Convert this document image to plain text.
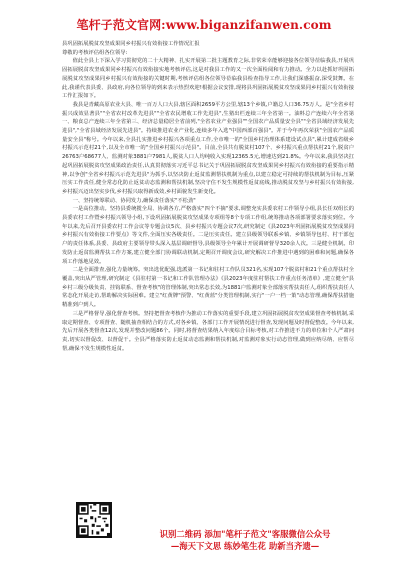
笔杆子范文官网:www.biganzifanwen.com

县巩固拓展脱贫攻坚成果同乡村振兴有效衔接工作情况汇报

尊敬的考核评估组各位领导:

值此全县上下深入学习贯彻党的二十大精神、扎实开展第二批主题教育之际,非常荣幸能够迎接各位领导莅临我县,开展巩固拓展脱贫攻坚成果同乡村振兴有效衔接实地考核评估,这是对我县工作的又一次全面检阅和有力推动。全力以赴抓好巩固拓展脱贫攻坚成果同乡村振兴有效衔接的关键时期,考核评估组各位领导莅临我县检查指导工作,让我们深感振奋,深受鼓舞。在此,我谨代表县委、县政府,向各位领导的到来表示热烈欢迎!根据会议安排,现将县巩固拓展脱贫攻坚成果同乡村振兴有效衔接工作汇报如下。

我县是青藏高原农业大县、唯一百万人口大县,辖区面积2659平方公里,辖13个乡镇,户籍总人口36.75万人。是"全省乡村振兴成效显著县""全省农村改革先进县""全省农民增收工作先进县",生猪出栏连续三年全省第一。油料总产连续六年全省第一、粮食总产连续三年全省第三、经济总量稳居全省前列,"全省农业产业强县""全国农产品质量安全县""全省县域经济发展先进县","全省县域经济发展先进县"。持续推进农业产业化,连续多年入选"中国西部百强县"。并于今年再次荣获"全国农产品质量安全县"称号。今年以来,全县扎实推进乡村振兴各项重点工作,全市唯一的"全国乡村治理体系建设试点县",累计建成省级乡村振兴示范村21个,以及全市唯一的"全国乡村振兴示范县"。目前,全县共有脱贫村107个、乡村振兴重点帮扶村21个,脱贫户26763户68677人、监测对象3881户7981人,脱贫人口人均纯收入实现12365.5元,增速达到21.8%。今年以来,我县坚决扛起巩固拓展脱贫攻坚成果政治责任,认真贯彻落实习近平总书记关于巩固拓展脱贫攻坚成果同乡村振兴有效衔接的重要指示精神,以争创"全省乡村振兴示范先进县"为抓手,以坚决防止返贫监测帮扶机制为重点,以建立稳定可持续的帮扶机制为目标,压紧压实工作责任,健全常态化防止返贫动态监测和帮扶机制,坚决守住不发生规模性返贫底线,推动脱贫攻坚与乡村振兴有效衔接,乡村振兴迈出坚实步伐,乡村振兴取得新成效,乡村面貌发生新变化。

一、坚持统筹联动、协同发力,确保责任落实"不松劲"

一是高位推动。坚持县委统揽全局、协调各方,严格落实"四个不摘"要求,调整充实县委农村工作领导小组,县长任双组长的县委农村工作暨乡村振兴领导小组,下设巩固拓展脱贫攻坚成果专项组等8个专项工作组,统筹推动各项部署要求落实到位。今年以来,先后召开县委农村工作会议等专题会议5次、县乡村振兴专题会议7次,研究制定《县2023年巩固拓展脱贫攻坚成果同乡村振兴有效衔接工作要点》等文件,全面压实各级责任。二是压实责任。建立县级领导联系乡镇、乡镇领导包村、村干部包户的责任体系,县委、县政府主要领导带头深入基层调研督导,县级领导全年累计开展调研督导320余人次。三是健全机制。印发防止返贫监测帮扶工作方案,建立健全部门协调联动机制,定期召开调度会议,研究解决工作推进中遇到的困难和问题,确保各项工作落地见效。

二是全面排查,强化力量统筹。突出选优配强,选派第一书记和驻村工作队员321名,实现107个脱贫村和21个重点帮扶村全覆盖,突出从严管理,研究制定《县驻村第一书记和工作队管理办法》《县2023年度驻村帮扶工作重点任务清单》,建立健全"县乡村三级分级负责、挂钩联系、督查考核"的管理体制,突出常态长效,为1881户监测对象全部落实帮扶责任人,组织帮扶责任人常态化开展走访,帮助解决实际困难。建立"红黄牌"预警、"红黄蓝"分类管理机制,实行"一户一档一策"动态管理,确保帮扶措施精准到户到人。

三是严格督导,强化督查考核。坚持把督查考核作为推动工作落实的重要手段,建立巩固拓展脱贫攻坚成果督查考核机制,采取定期督查、专项督查、随机抽查相结合的方式,对各乡镇、各部门工作开展情况进行督查,发现问题及时督促整改。今年以来,先后开展各类督查12次,发现并整改问题86个。同时,将督查结果纳入年度综合目标考核,对工作推进不力的单位和个人严肃问责,切实以督促改、以督促干。全县严格落实防止返贫动态监测和帮扶机制,对监测对象实行动态管理,做到应纳尽纳、应帮尽帮,确保不发生规模性返贫。

识别二维码 添加"笔杆子范文"客服微信公众号
—海天下文思 练妙笔生花 助新当齐遗—
